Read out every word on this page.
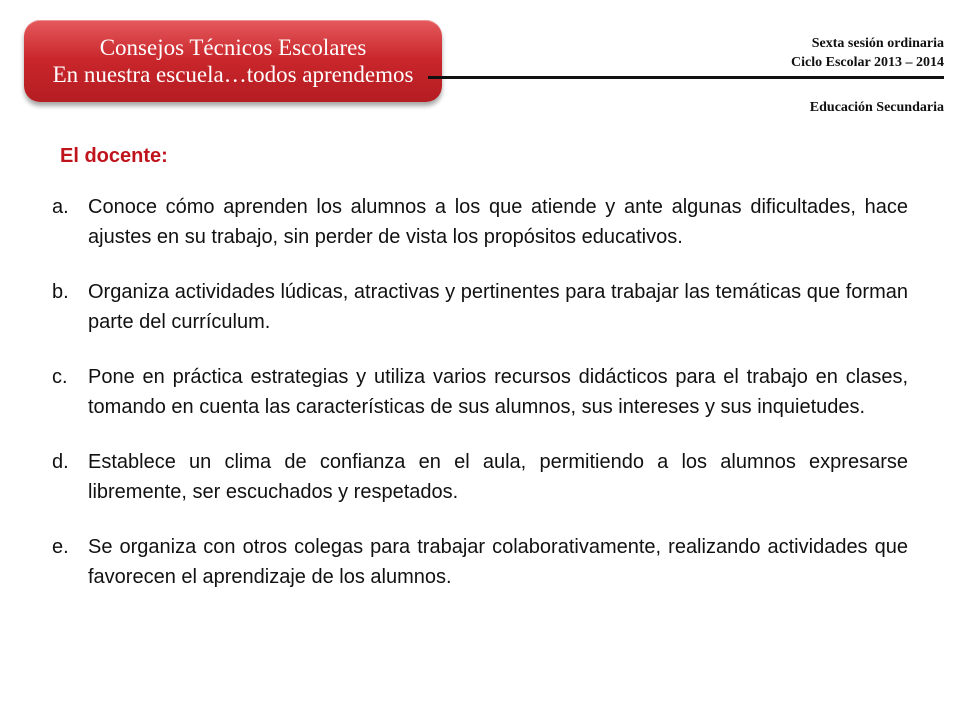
Consejos Técnicos Escolares
En nuestra escuela…todos aprendemos
Sexta sesión ordinaria
Ciclo Escolar 2013 – 2014
Educación Secundaria
El docente:
a. Conoce cómo aprenden los alumnos a los que atiende y ante algunas dificultades, hace ajustes en su trabajo, sin perder de vista los propósitos educativos.
b. Organiza actividades lúdicas, atractivas y pertinentes para trabajar las temáticas que forman parte del currículum.
c. Pone en práctica estrategias y utiliza varios recursos didácticos para el trabajo en clases, tomando en cuenta las características de sus alumnos, sus intereses y sus inquietudes.
d. Establece un clima de confianza en el aula, permitiendo a los alumnos expresarse libremente, ser escuchados y respetados.
e. Se organiza con otros colegas para trabajar colaborativamente, realizando actividades que favorecen el aprendizaje de los alumnos.
